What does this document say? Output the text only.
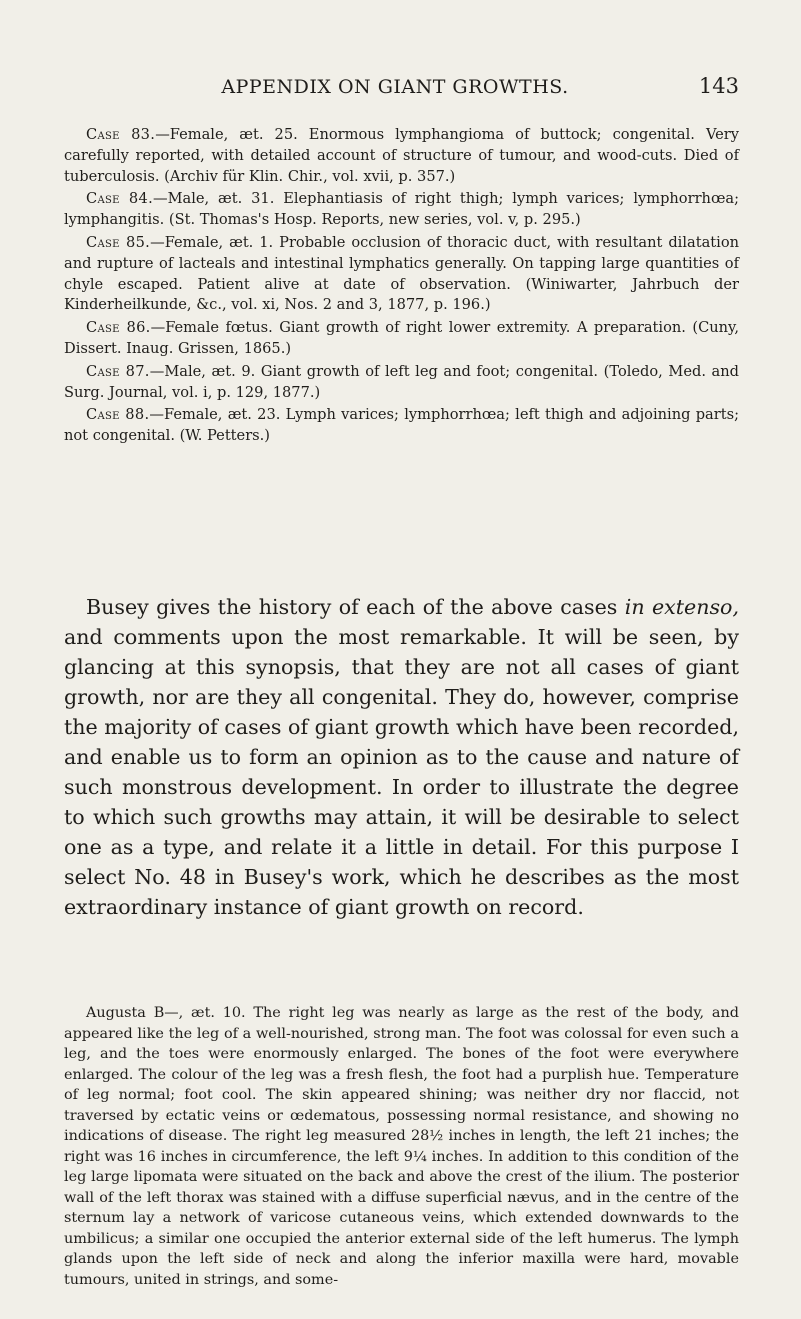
APPENDIX ON GIANT GROWTHS.	143

Case 83.—Female, æt. 25. Enormous lymphangioma of buttock; congenital. Very carefully reported, with detailed account of structure of tumour, and wood-cuts. Died of tuberculosis. (Archiv für Klin. Chir., vol. xvii, p. 357.)

Case 84.—Male, æt. 31. Elephantiasis of right thigh; lymph varices; lymphorrhœa; lymphangitis. (St. Thomas's Hosp. Reports, new series, vol. v, p. 295.)

Case 85.—Female, æt. 1. Probable occlusion of thoracic duct, with resultant dilatation and rupture of lacteals and intestinal lymphatics generally. On tapping large quantities of chyle escaped. Patient alive at date of observation. (Winiwarter, Jahrbuch der Kinderheilkunde, &c., vol. xi, Nos. 2 and 3, 1877, p. 196.)

Case 86.—Female fœtus. Giant growth of right lower extremity. A preparation. (Cuny, Dissert. Inaug. Grissen, 1865.)

Case 87.—Male, æt. 9. Giant growth of left leg and foot; congenital. (Toledo, Med. and Surg. Journal, vol. i, p. 129, 1877.)

Case 88.—Female, æt. 23. Lymph varices; lymphorrhœa; left thigh and adjoining parts; not congenital. (W. Petters.)

Busey gives the history of each of the above cases in extenso, and comments upon the most remarkable. It will be seen, by glancing at this synopsis, that they are not all cases of giant growth, nor are they all congenital. They do, however, comprise the majority of cases of giant growth which have been recorded, and enable us to form an opinion as to the cause and nature of such monstrous development. In order to illustrate the degree to which such growths may attain, it will be desirable to select one as a type, and relate it a little in detail. For this purpose I select No. 48 in Busey's work, which he describes as the most extraordinary instance of giant growth on record.

Augusta B—, æt. 10. The right leg was nearly as large as the rest of the body, and appeared like the leg of a well-nourished, strong man. The foot was colossal for even such a leg, and the toes were enormously enlarged. The bones of the foot were everywhere enlarged. The colour of the leg was a fresh flesh, the foot had a purplish hue. Temperature of leg normal; foot cool. The skin appeared shining; was neither dry nor flaccid, not traversed by ectatic veins or œdematous, possessing normal resistance, and showing no indications of disease. The right leg measured 28½ inches in length, the left 21 inches; the right was 16 inches in circumference, the left 9¼ inches. In addition to this condition of the leg large lipomata were situated on the back and above the crest of the ilium. The posterior wall of the left thorax was stained with a diffuse superficial nævus, and in the centre of the sternum lay a network of varicose cutaneous veins, which extended downwards to the umbilicus; a similar one occupied the anterior external side of the left humerus. The lymph glands upon the left side of neck and along the inferior maxilla were hard, movable tumours, united in strings, and some-
